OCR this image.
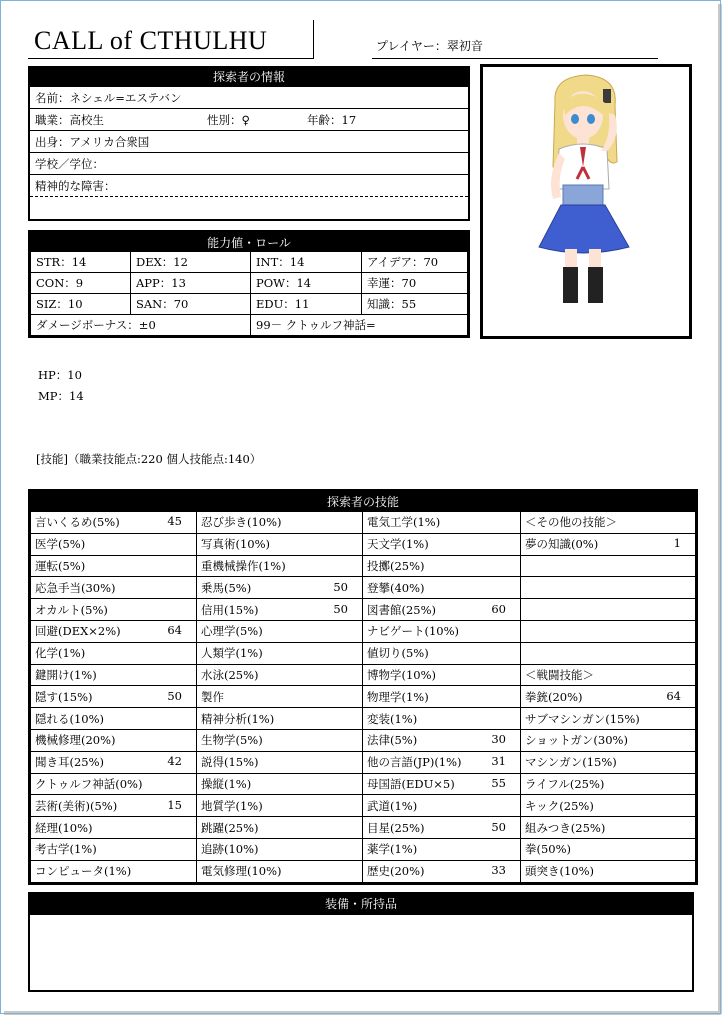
CALL of CTHULHU	プレイヤー：翠初音
探索者の情報
名前：ネシェル=エステバン
職業：高校生	性別：♀	年齢：17
出身：アメリカ合衆国
学校／学位：
精神的な障害：
能力値・ロール			
STR：14	DEX：12	INT：14	アイデア：70
CON：9	APP：13	POW：14	幸運：70
SIZ：10	SAN：70	EDU：11	知識：55
ダメージボーナス：±0		99－ クトゥルフ神話=	
HP：10
MP：14
[技能]（職業技能点:220 個人技能点:140）
探索者の技能			
言いくるめ(5%) 45	忍び歩き(10%)	電気工学(1%)	＜その他の技能＞

医学(5%)	写真術(10%)	天文学(1%)	夢の知識(0%) 1

運転(5%)	重機械操作(1%)	投擲(25%)

応急手当(30%)	乗馬(5%) 50	登攀(40%)

オカルト(5%)	信用(15%) 50	図書館(25%) 60	

回避(DEX×2%) 64	心理学(5%)	ナビゲート(10%)

化学(1%)	人類学(1%)	値切り(5%)

鍵開け(1%)	水泳(25%)	博物学(10%)	＜戦闘技能＞

隠す(15%) 50	製作	物理学(1%)	拳銃(20%) 64

隠れる(10%)	精神分析(1%)	変装(1%)	サブマシンガン(15%)

機械修理(20%)	生物学(5%)	法律(5%) 30	ショットガン(30%)

聞き耳(25%) 42	説得(15%)	他の言語(JP)(1%) 31	マシンガン(15%)

クトゥルフ神話(0%)	操縦(1%)	母国語(EDU×5) 55	ライフル(25%)

芸術(美術)(5%) 15	地質学(1%)	武道(1%)	キック(25%)

経理(10%)	跳躍(25%)	目星(25%) 50	組みつき(25%)

考古学(1%)	追跡(10%)	薬学(1%)	拳(50%)

コンピュータ(1%)	電気修理(10%)	歴史(20%) 33	頭突き(10%)
装備・所持品
